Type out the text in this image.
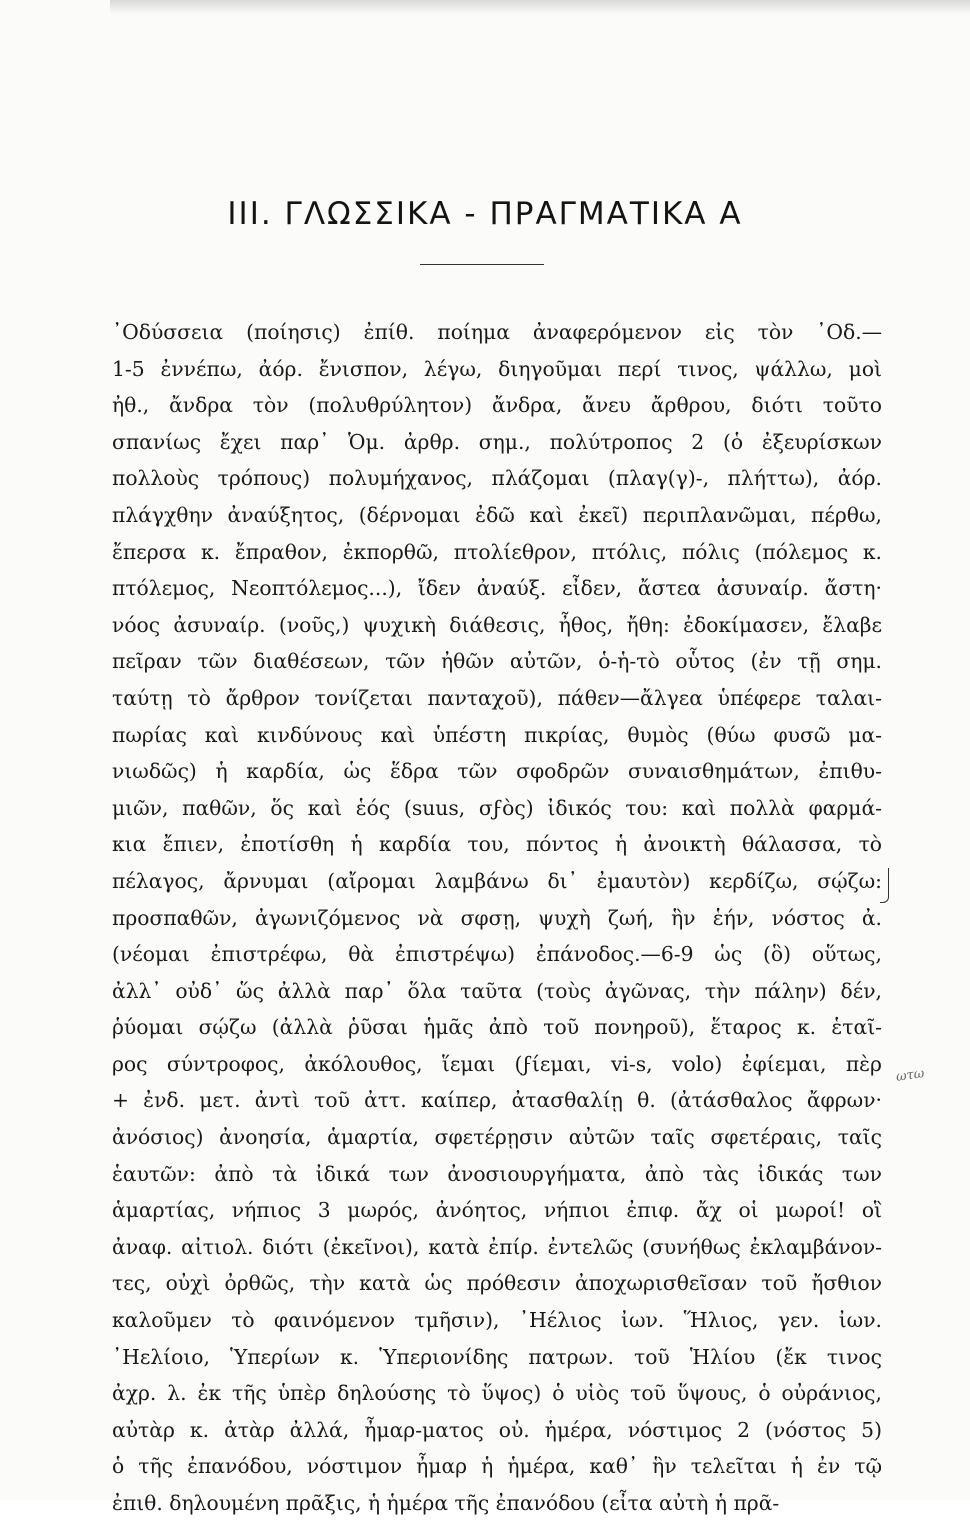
ΙΙΙ. ΓΛΩΣΣΙΚΑ - ΠΡΑΓΜΑΤΙΚΑ Α
᾿Οδύσσεια (ποίησις) ἐπίθ. ποίημα ἀναφερόμενον εἰς τὸν ᾿Οδ.—
1-5 ἐννέπω, ἀόρ. ἔνισπον, λέγω, διηγοῦμαι περί τινος, ψάλλω, μοὶ
ἠθ., ἄνδρα τὸν (πολυθρύλητον) ἄνδρα, ἄνευ ἄρθρου, διότι τοῦτο
σπανίως ἔχει παρ᾿ Ὁμ. ἀρθρ. σημ., πολύτροπος 2 (ὁ ἐξευρίσκων
πολλοὺς τρόπους) πολυμήχανος, πλάζομαι (πλαγ(γ)-, πλήττω), ἀόρ.
πλάγχθην ἀναύξητος, (δέρνομαι ἐδῶ καὶ ἐκεῖ) περιπλανῶμαι, πέρθω,
ἔπερσα κ. ἔπραθον, ἐκπορθῶ, πτολίεθρον, πτόλις, πόλις (πόλεμος κ.
πτόλεμος, Νεοπτόλεμος...), ἴδεν ἀναύξ. εἶδεν, ἄστεα ἀσυναίρ. ἄστη·
νόος ἀσυναίρ. (νοῦς,) ψυχικὴ διάθεσις, ἦθος, ἤθη: ἐδοκίμασεν, ἔλαβε
πεῖραν τῶν διαθέσεων, τῶν ἠθῶν αὐτῶν, ὁ-ἡ-τὸ οὗτος (ἐν τῇ σημ.
ταύτῃ τὸ ἄρθρον τονίζεται πανταχοῦ), πάθεν—ἄλγεα ὑπέφερε ταλαι-
πωρίας καὶ κινδύνους καὶ ὑπέστη πικρίας, θυμὸς (θύω φυσῶ μα-
νιωδῶς) ἡ καρδία, ὡς ἕδρα τῶν σφοδρῶν συναισθημάτων, ἐπιθυ-
μιῶν, παθῶν, ὅς καὶ ἑός (suus, σϝὸς) ἰδικός του: καὶ πολλὰ φαρμά-
κια ἔπιεν, ἐποτίσθη ἡ καρδία του, πόντος ἡ ἀνοικτὴ θάλασσα, τὸ
πέλαγος, ἄρνυμαι (αἴρομαι λαμβάνω δι᾿ ἐμαυτὸν) κερδίζω, σῴζω:
προσπαθῶν, ἀγωνιζόμενος νὰ σφσῃ, ψυχὴ ζωή, ἣν ἑήν, νόστος ἀ.
(νέομαι ἐπιστρέφω, θὰ ἐπιστρέψω) ἐπάνοδος.—6-9 ὡς (ὃ) οὕτως,
ἀλλ᾿ οὐδ᾿ ὥς ἀλλὰ παρ᾿ ὅλα ταῦτα (τοὺς ἀγῶνας, τὴν πάλην) δέν,
ῥύομαι σῴζω (ἀλλὰ ῥῦσαι ἡμᾶς ἀπὸ τοῦ πονηροῦ), ἕταρος κ. ἑταῖ-
ρος σύντροφος, ἀκόλουθος, ἵεμαι (ϝίεμαι, vi-s, volo) ἐφίεμαι, πὲρ
+ ἐνδ. μετ. ἀντὶ τοῦ ἀττ. καίπερ, ἀτασθαλίῃ θ. (ἀτάσθαλος ἄφρων·
ἀνόσιος) ἀνοησία, ἁμαρτία, σφετέρῃσιν αὐτῶν ταῖς σφετέραις, ταῖς
ἑαυτῶν: ἀπὸ τὰ ἰδικά των ἀνοσιουργήματα, ἀπὸ τὰς ἰδικάς των
ἁμαρτίας, νήπιος 3 μωρός, ἀνόητος, νήπιοι ἐπιφ. ἄχ οἱ μωροί! οἳ
ἀναφ. αἰτιολ. διότι (ἐκεῖνοι), κατὰ ἐπίρ. ἐντελῶς (συνήθως ἐκλαμβάνον-
τες, οὐχὶ ὀρθῶς, τὴν κατὰ ὡς πρόθεσιν ἀποχωρισθεῖσαν τοῦ ἤσθιον
καλοῦμεν τὸ φαινόμενον τμῆσιν), ᾿Ηέλιος ἰων. Ἥλιος, γεν. ἰων.
᾿Ηελίοιο, Ὑπερίων κ. Ὑπεριονίδης πατρων. τοῦ Ἡλίου (ἔκ τινος
ἀχρ. λ. ἐκ τῆς ὑπὲρ δηλούσης τὸ ὕψος) ὁ υἱὸς τοῦ ὕψους, ὁ οὐράνιος,
αὐτὰρ κ. ἀτὰρ ἀλλά, ἦμαρ-ματος οὐ. ἡμέρα, νόστιμος 2 (νόστος 5)
ὁ τῆς ἐπανόδου, νόστιμον ἦμαρ ἡ ἡμέρα, καθ᾿ ἣν τελεῖται ἡ ἐν τῷ
ἐπιθ. δηλουμένη πρᾶξις, ἡ ἡμέρα τῆς ἐπανόδου (εἶτα αὐτὴ ἡ πρᾶ-
ωτω
